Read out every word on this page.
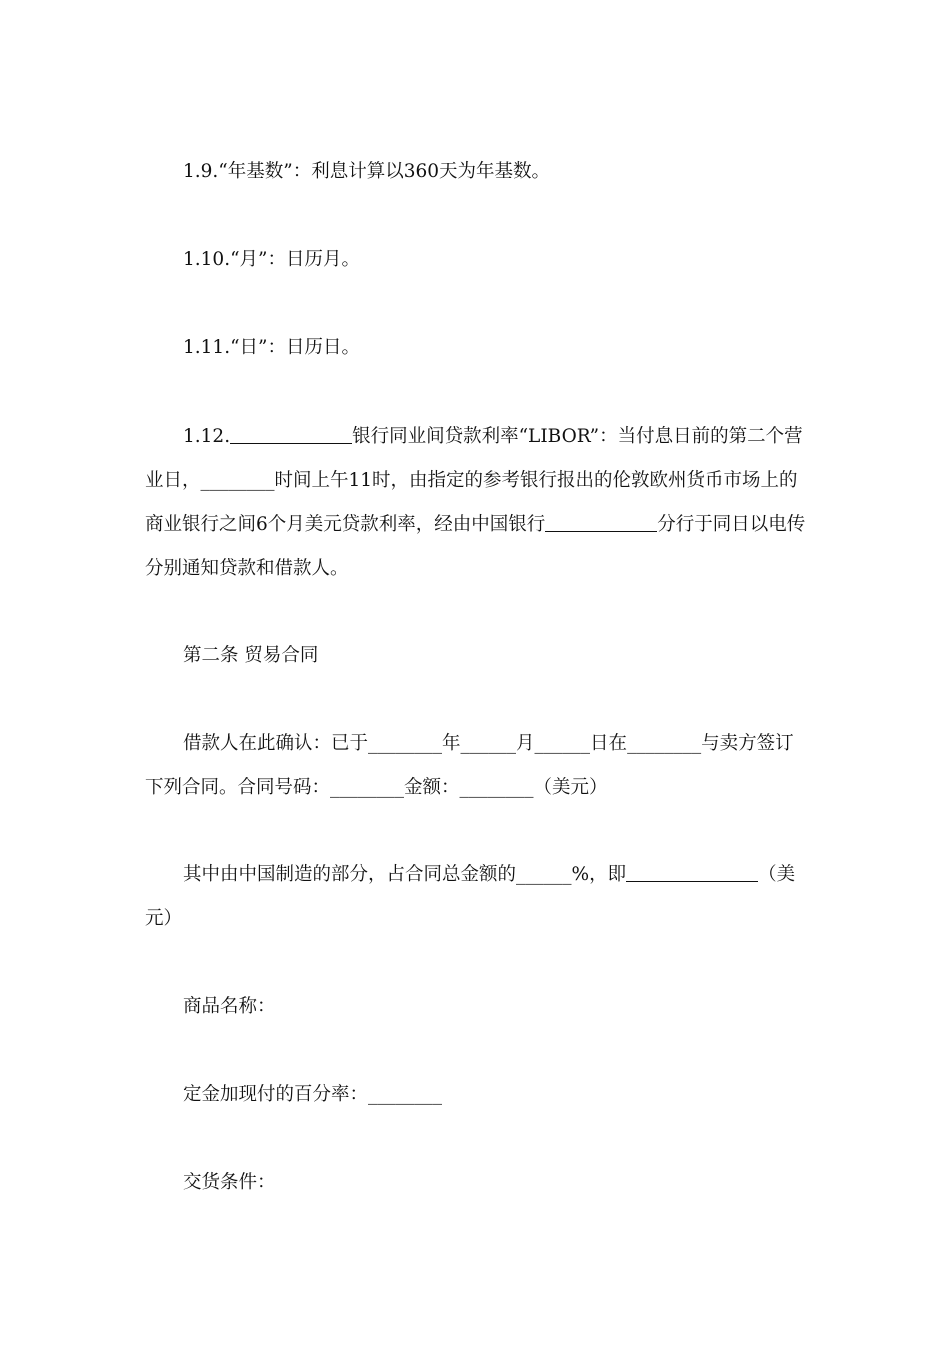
1.9.“年基数”：利息计算以360天为年基数。

1.10.“月”：日历月。

1.11.“日”：日历日。

1.12.	银行同业间贷款利率“LIBOR”：当付息日前的第二个营业日，________时间上午11时，由指定的参考银行报出的伦敦欧州货币市场上的商业银行之间6个月美元贷款利率，经由中国银行	分行于同日以电传分别通知贷款和借款人。

第二条 贸易合同

借款人在此确认：已于________年______月______日在________与卖方签订下列合同。合同号码：________金额：________（美元）

其中由中国制造的部分，占合同总金额的______%，即	（美元）

商品名称：

定金加现付的百分率：________

交货条件：
